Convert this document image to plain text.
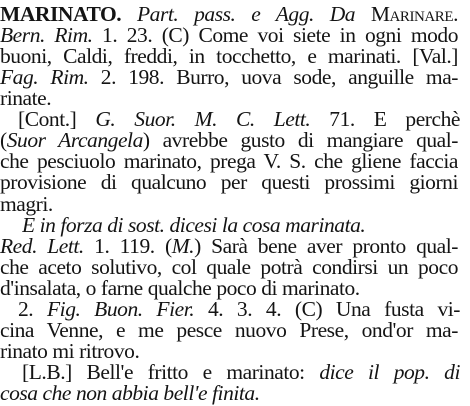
MARINATO. Part. pass. e Agg. Da Marinare.
Bern. Rim. 1. 23. (C) Come voi siete in ogni modo
buoni, Caldi, freddi, in tocchetto, e marinati. [Val.]
Fag. Rim. 2. 198. Burro, uova sode, anguille ma-
rinate.
[Cont.] G. Suor. M. C. Lett. 71. E perchè
(Suor Arcangela) avrebbe gusto di mangiare qual-
che pesciuolo marinato, prega V. S. che gliene faccia
provisione di qualcuno per questi prossimi giorni
magri.
E in forza di sost. dicesi la cosa marinata.
Red. Lett. 1. 119. (M.) Sarà bene aver pronto qual-
che aceto solutivo, col quale potrà condirsi un poco
d'insalata, o farne qualche poco di marinato.
2. Fig. Buon. Fier. 4. 3. 4. (C) Una fusta vi-
cina Venne, e me pesce nuovo Prese, ond'or ma-
rinato mi ritrovo.
[L.B.] Bell'e fritto e marinato: dice il pop. di
cosa che non abbia bell'e finita.
